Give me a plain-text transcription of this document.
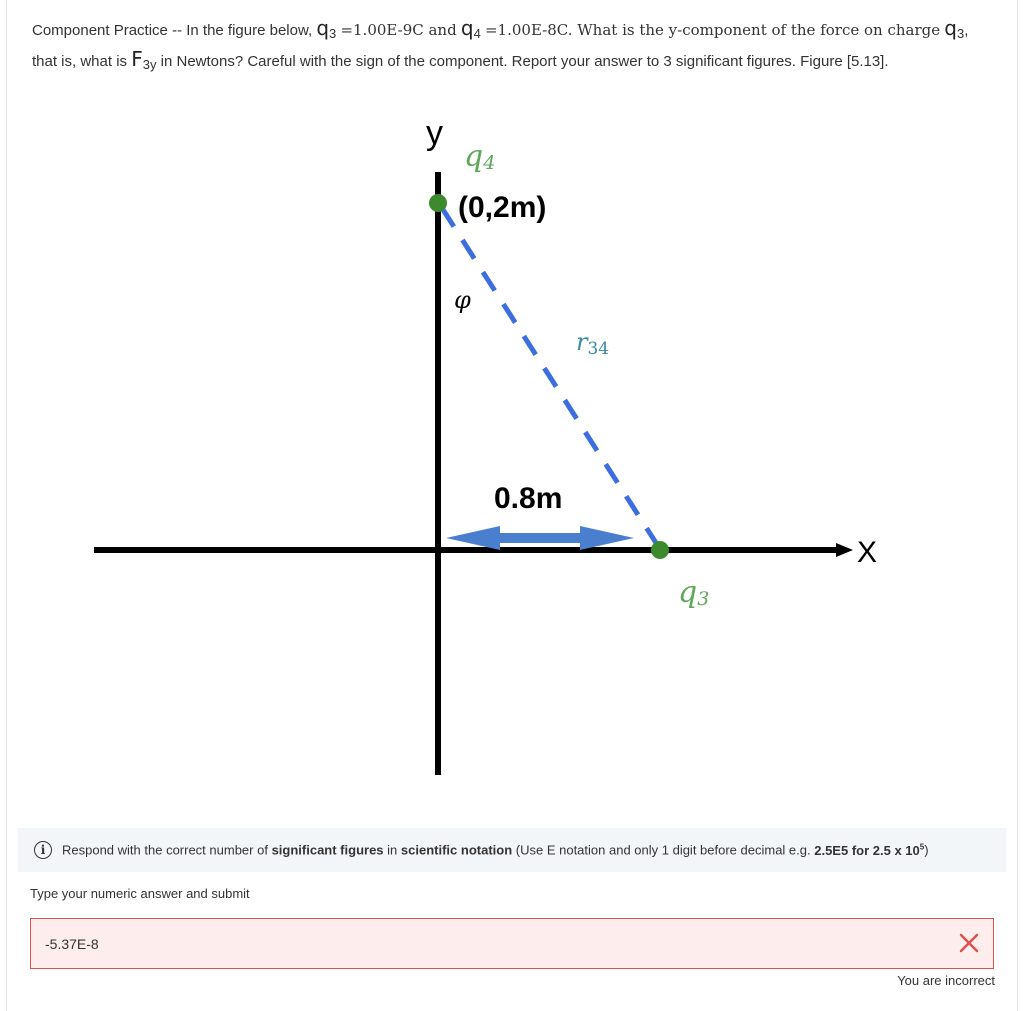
Component Practice -- In the figure below, q3 =1.00E-9C and q4 =1.00E-8C. What is the y-component of the force on charge q3, that is, what is F3y in Newtons? Careful with the sign of the component. Report your answer to 3 significant figures. Figure [5.13].
y
X
q4
(0,2m)
φ
r34
0.8m
q3
i	Respond with the correct number of significant figures in scientific notation (Use E notation and only 1 digit before decimal e.g. 2.5E5 for 2.5 x $10^5$)
Type your numeric answer and submit
-5.37E-8
You are incorrect
